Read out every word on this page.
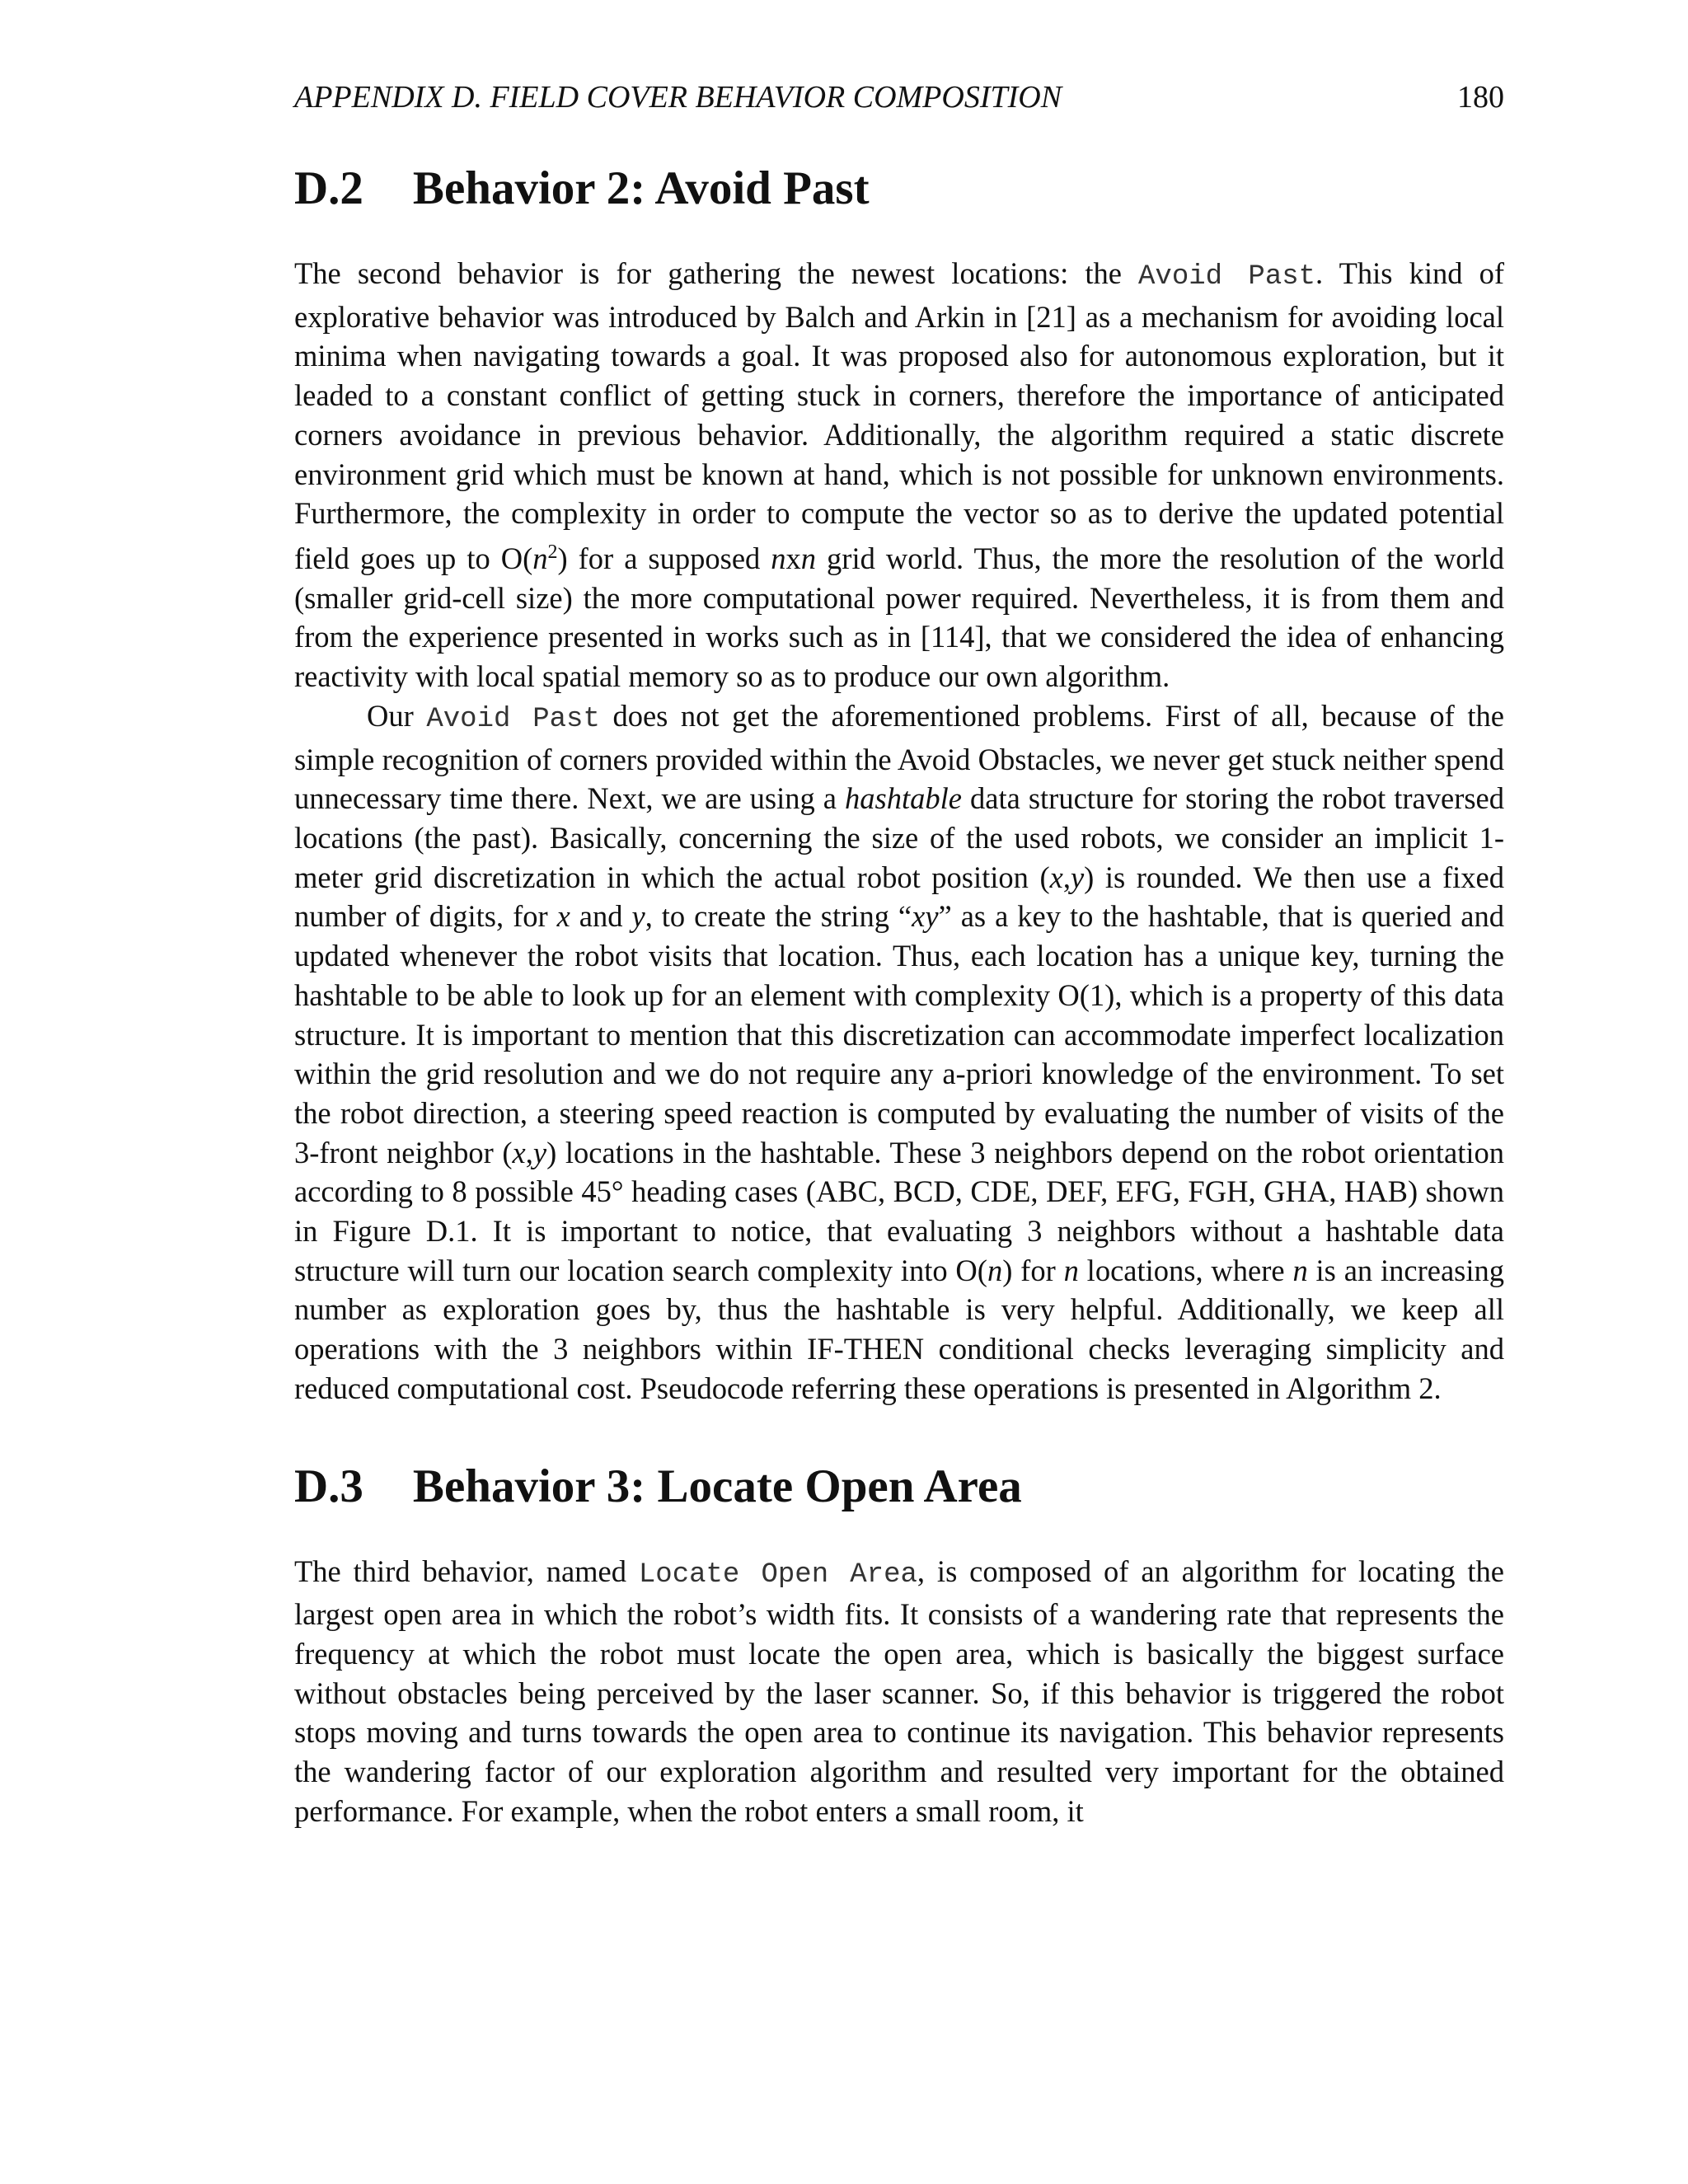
APPENDIX D. FIELD COVER BEHAVIOR COMPOSITION	180
D.2 Behavior 2: Avoid Past

The second behavior is for gathering the newest locations: the Avoid Past. This kind of explorative behavior was introduced by Balch and Arkin in [21] as a mechanism for avoiding local minima when navigating towards a goal. It was proposed also for autonomous exploration, but it leaded to a constant conflict of getting stuck in corners, therefore the importance of anticipated corners avoidance in previous behavior. Additionally, the algorithm required a static discrete environment grid which must be known at hand, which is not possible for unknown environments. Furthermore, the complexity in order to compute the vector so as to derive the updated potential field goes up to $O(n^2)$ for a supposed nxn grid world. Thus, the more the resolution of the world (smaller grid-cell size) the more computational power required. Nevertheless, it is from them and from the experience presented in works such as in [114], that we considered the idea of enhancing reactivity with local spatial memory so as to produce our own algorithm.

Our Avoid Past does not get the aforementioned problems. First of all, because of the simple recognition of corners provided within the Avoid Obstacles, we never get stuck neither spend unnecessary time there. Next, we are using a hashtable data structure for storing the robot traversed locations (the past). Basically, concerning the size of the used robots, we consider an implicit 1-meter grid discretization in which the actual robot position (x,y) is rounded. We then use a fixed number of digits, for x and y, to create the string “xy” as a key to the hashtable, that is queried and updated whenever the robot visits that location. Thus, each location has a unique key, turning the hashtable to be able to look up for an element with complexity O(1), which is a property of this data structure. It is important to mention that this discretization can accommodate imperfect localization within the grid resolution and we do not require any a-priori knowledge of the environment. To set the robot direction, a steering speed reaction is computed by evaluating the number of visits of the 3-front neighbor (x,y) locations in the hashtable. These 3 neighbors depend on the robot orientation according to 8 possible 45° heading cases (ABC, BCD, CDE, DEF, EFG, FGH, GHA, HAB) shown in Figure D.1. It is important to notice, that evaluating 3 neighbors without a hashtable data structure will turn our location search complexity into O(n) for n locations, where n is an increasing number as exploration goes by, thus the hashtable is very helpful. Additionally, we keep all operations with the 3 neighbors within IF-THEN conditional checks leveraging simplicity and reduced computational cost. Pseudocode referring these operations is presented in Algorithm 2.

D.3 Behavior 3: Locate Open Area

The third behavior, named Locate Open Area, is composed of an algorithm for locating the largest open area in which the robot’s width fits. It consists of a wandering rate that represents the frequency at which the robot must locate the open area, which is basically the biggest surface without obstacles being perceived by the laser scanner. So, if this behavior is triggered the robot stops moving and turns towards the open area to continue its navigation. This behavior represents the wandering factor of our exploration algorithm and resulted very important for the obtained performance. For example, when the robot enters a small room, it
